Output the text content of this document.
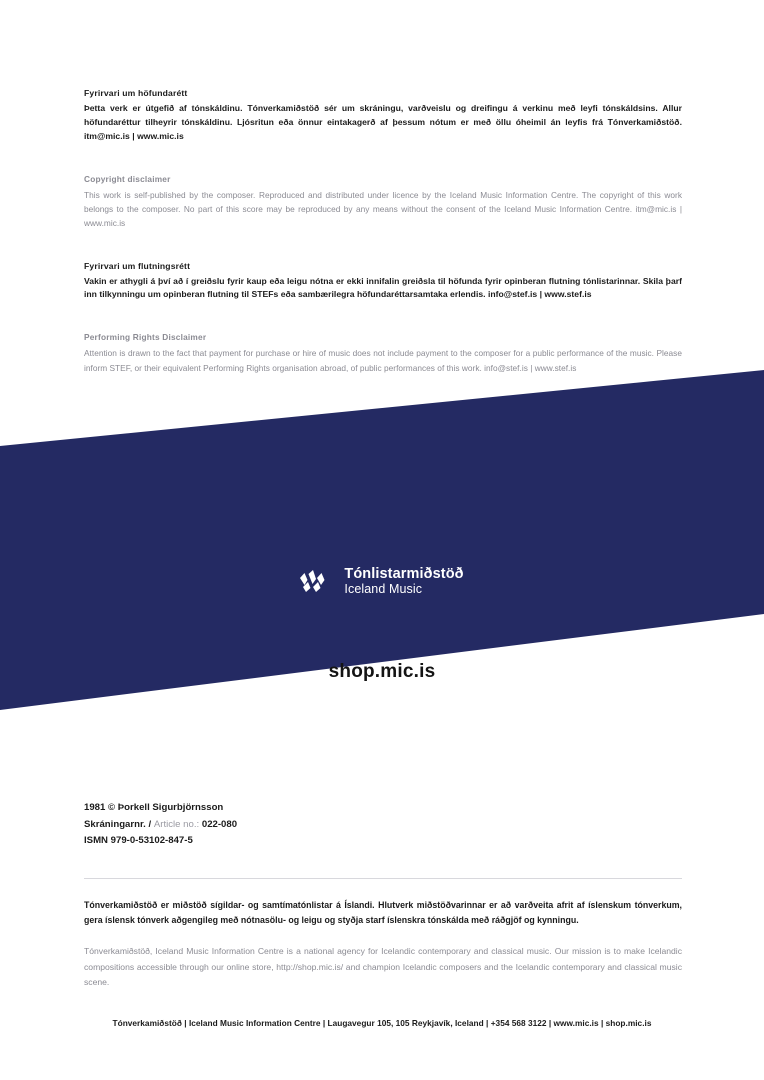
Fyrirvari um höfundarétt
Þetta verk er útgefið af tónskáldinu. Tónverkamiðstöð sér um skráningu, varðveislu og dreifingu á verkinu með leyfi tónskáldsins. Allur höfundaréttur tilheyrir tónskáldinu. Ljósritun eða önnur eintakagerð af þessum nótum er með öllu óheimil án leyfis frá Tónverkamiðstöð. itm@mic.is | www.mic.is
Copyright disclaimer
This work is self-published by the composer. Reproduced and distributed under licence by the Iceland Music Information Centre. The copyright of this work belongs to the composer. No part of this score may be reproduced by any means without the consent of the Iceland Music Information Centre. itm@mic.is | www.mic.is
Fyrirvari um flutningsrétt
Vakin er athygli á því að í greiðslu fyrir kaup eða leigu nótna er ekki innifalin greiðsla til höfunda fyrir opinberan flutning tónlistarinnar. Skila þarf inn tilkynningu um opinberan flutning til STEFs eða sambærilegra höfundaréttarsamtaka erlendis. info@stef.is | www.stef.is
Performing Rights Disclaimer
Attention is drawn to the fact that payment for purchase or hire of music does not include payment to the composer for a public performance of the music. Please inform STEF, or their equivalent Performing Rights organisation abroad, of public performances of this work. info@stef.is | www.stef.is
Preview
Tónlistarmiðstöð
Iceland Music
shop.mic.is
1981 © Þorkell Sigurbjörnsson
Skráningarnr. / Article no.: 022-080
ISMN 979-0-53102-847-5
Tónverkamiðstöð er miðstöð sígildar- og samtímatónlistar á Íslandi. Hlutverk miðstöðvarinnar er að varðveita afrit af íslenskum tónverkum, gera íslensk tónverk aðgengileg með nótnasölu- og leigu og styðja starf íslenskra tónskálda með ráðgjöf og kynningu.
Tónverkamiðstöð, Iceland Music Information Centre is a national agency for Icelandic contemporary and classical music. Our mission is to make Icelandic compositions accessible through our online store, http://shop.mic.is/ and champion Icelandic composers and the Icelandic contemporary and classical music scene.
Tónverkamiðstöð | Iceland Music Information Centre | Laugavegur 105, 105 Reykjavík, Iceland | +354 568 3122 | www.mic.is | shop.mic.is
